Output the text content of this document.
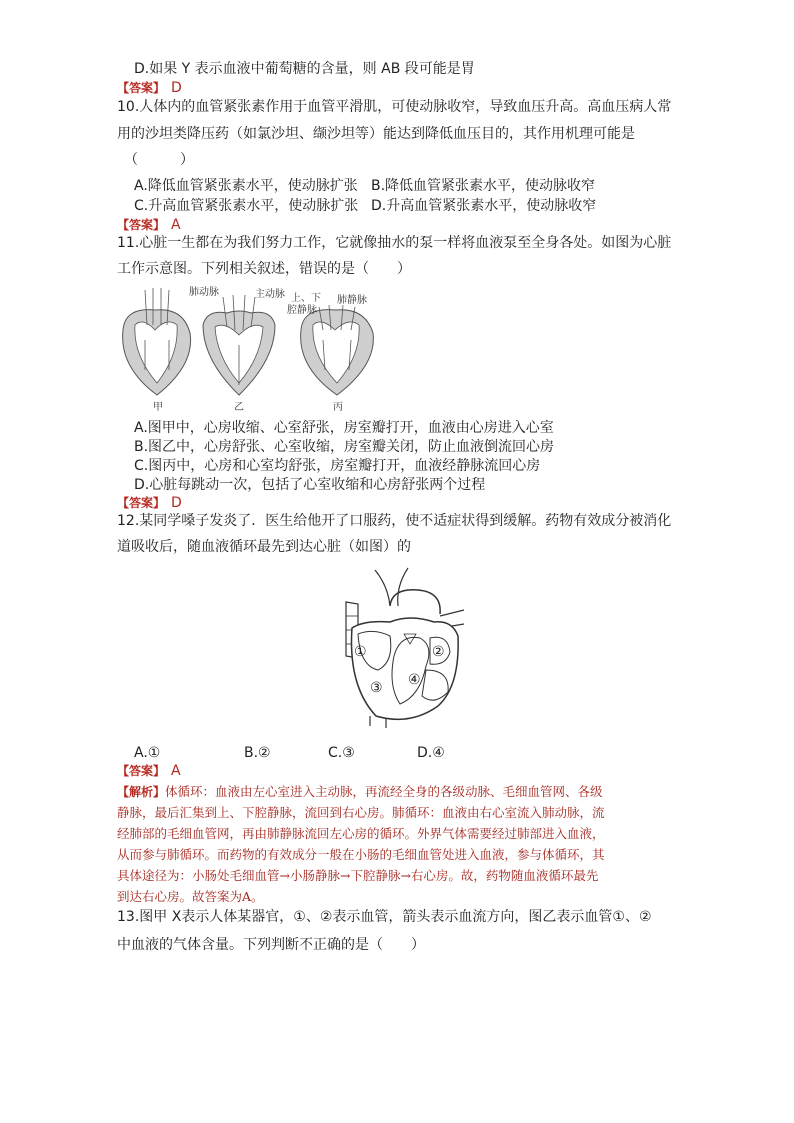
D.如果 Y 表示血液中葡萄糖的含量，则 AB 段可能是胃
【答案】 D
10.人体内的血管紧张素作用于血管平滑肌，可使动脉收窄，导致血压升高。高血压病人常
用的沙坦类降压药（如氯沙坦、缬沙坦等）能达到降低血压目的，其作用机理可能是
（　　　）
A.降低血管紧张素水平，使动脉扩张 B.降低血管紧张素水平，使动脉收窄
C.升高血管紧张素水平，使动脉扩张 D.升高血管紧张素水平，使动脉收窄
【答案】 A
11.心脏一生都在为我们努力工作，它就像抽水的泵一样将血液泵至全身各处。如图为心脏
工作示意图。下列相关叙述，错误的是（　　）
肺动脉	主动脉 上、下
腔静脉
肺静脉
甲	乙	丙
A.图甲中，心房收缩、心室舒张，房室瓣打开，血液由心房进入心室
B.图乙中，心房舒张、心室收缩，房室瓣关闭，防止血液倒流回心房
C.图丙中，心房和心室均舒张，房室瓣打开，血液经静脉流回心房
D.心脏每跳动一次，包括了心室收缩和心房舒张两个过程
【答案】 D
12.某同学嗓子发炎了．医生给他开了口服药，使不适症状得到缓解。药物有效成分被消化
道吸收后，随血液循环最先到达心脏（如图）的
①	②
③ ④
A.①	B.②	C.③	D.④
【答案】 A
【解析】体循环：血液由左心室进入主动脉，再流经全身的各级动脉、毛细血管网、各级
静脉，最后汇集到上、下腔静脉，流回到右心房。肺循环：血液由右心室流入肺动脉，流
经肺部的毛细血管网，再由肺静脉流回左心房的循环。外界气体需要经过肺部进入血液，
从而参与肺循环。而药物的有效成分一般在小肠的毛细血管处进入血液，参与体循环，其
具体途径为：小肠处毛细血管→小肠静脉→下腔静脉→右心房。故，药物随血液循环最先
到达右心房。故答案为A。
13.图甲 X表示人体某器官，①、②表示血管，箭头表示血流方向，图乙表示血管①、②
中血液的气体含量。下列判断不正确的是（　　）
